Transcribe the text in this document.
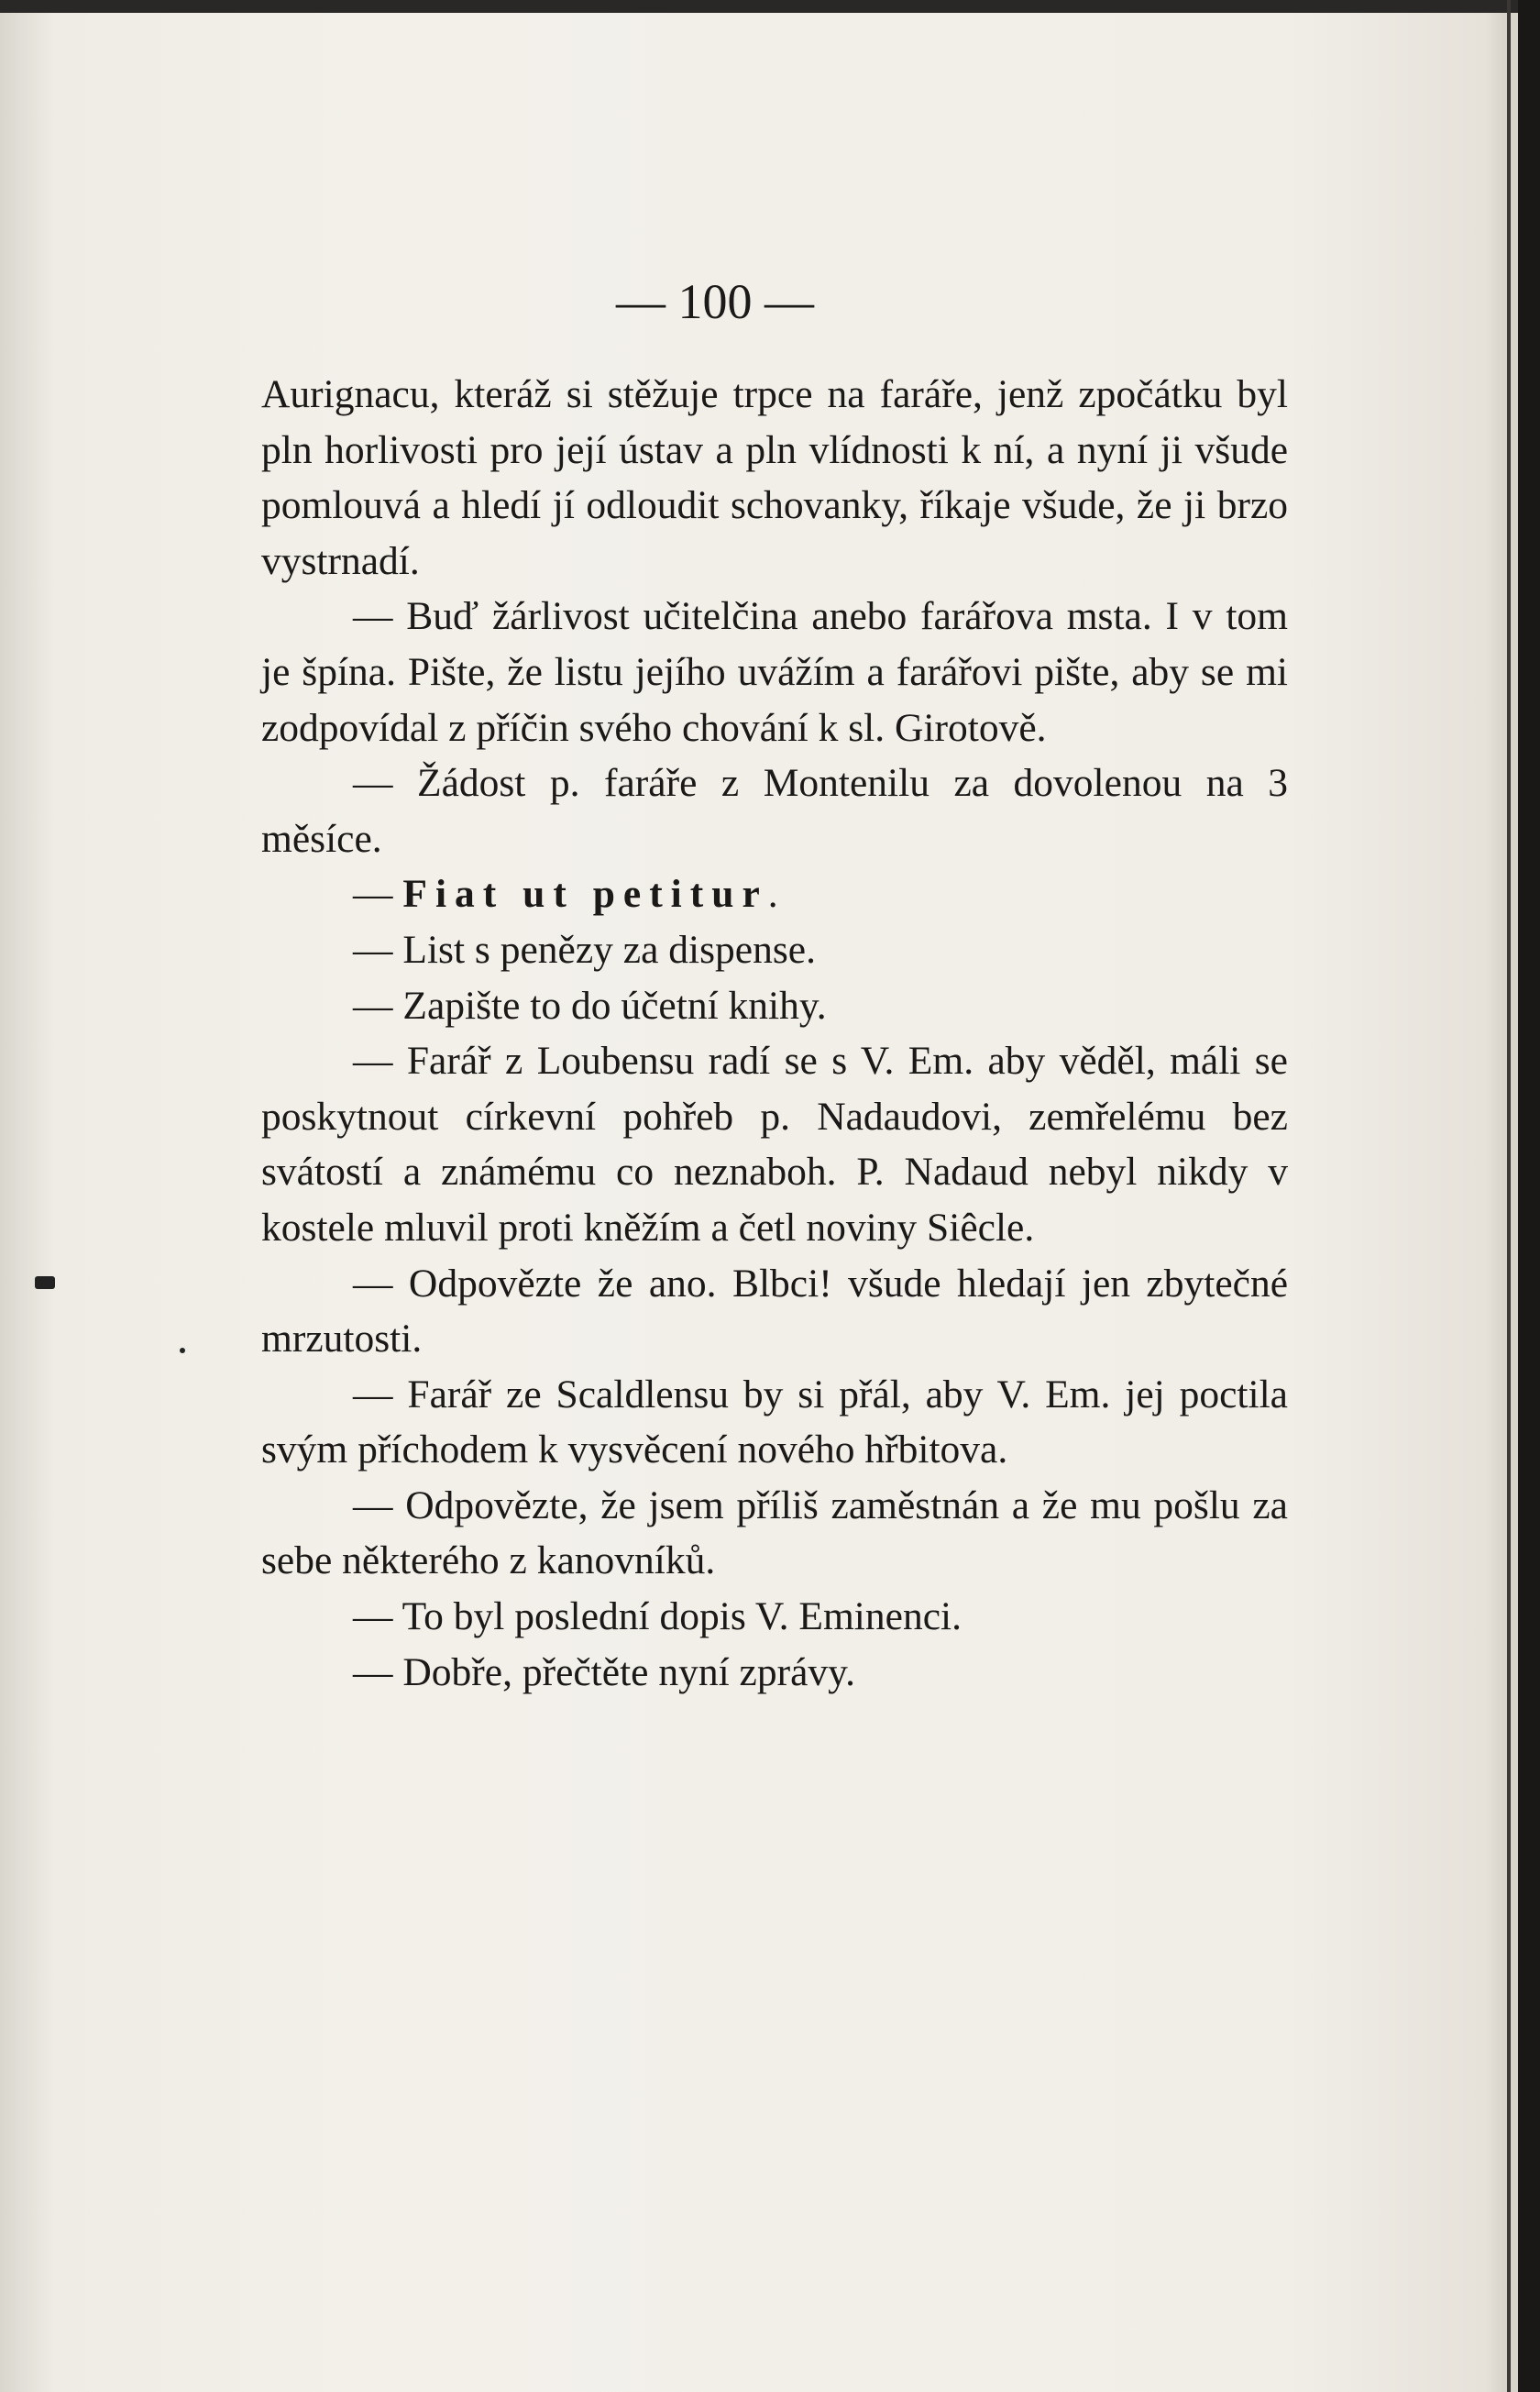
— 100 —

Aurignacu, kteráž si stěžuje trpce na faráře, jenž zpočátku byl pln horlivosti pro její ústav a pln vlídnosti k ní, a nyní ji všude pomlouvá a hledí jí odloudit schovanky, říkaje všude, že ji brzo vystrnadí.

— Buď žárlivost učitelčina anebo farářova msta. I v tom je špína. Pište, že listu jejího uvážím a farářovi pište, aby se mi zodpovídal z příčin svého chování k sl. Girotově.

— Žádost p. faráře z Montenilu za dovolenou na 3 měsíce.

— Fiat ut petitur.

— List s penězy za dispense.

— Zapište to do účetní knihy.

— Farář z Loubensu radí se s V. Em. aby věděl, máli se poskytnout církevní pohřeb p. Nadaudovi, zemřelému bez svátostí a známému co neznaboh. P. Nadaud nebyl nikdy v kostele mluvil proti kněžím a četl noviny Siêcle.

— Odpovězte že ano. Blbci! všude hledají jen zbytečné mrzutosti.

— Farář ze Scaldlensu by si přál, aby V. Em. jej poctila svým příchodem k vysvěcení nového hřbitova.

— Odpovězte, že jsem příliš zaměstnán a že mu pošlu za sebe některého z kanovníků.

— To byl poslední dopis V. Eminenci.

— Dobře, přečtěte nyní zprávy.
